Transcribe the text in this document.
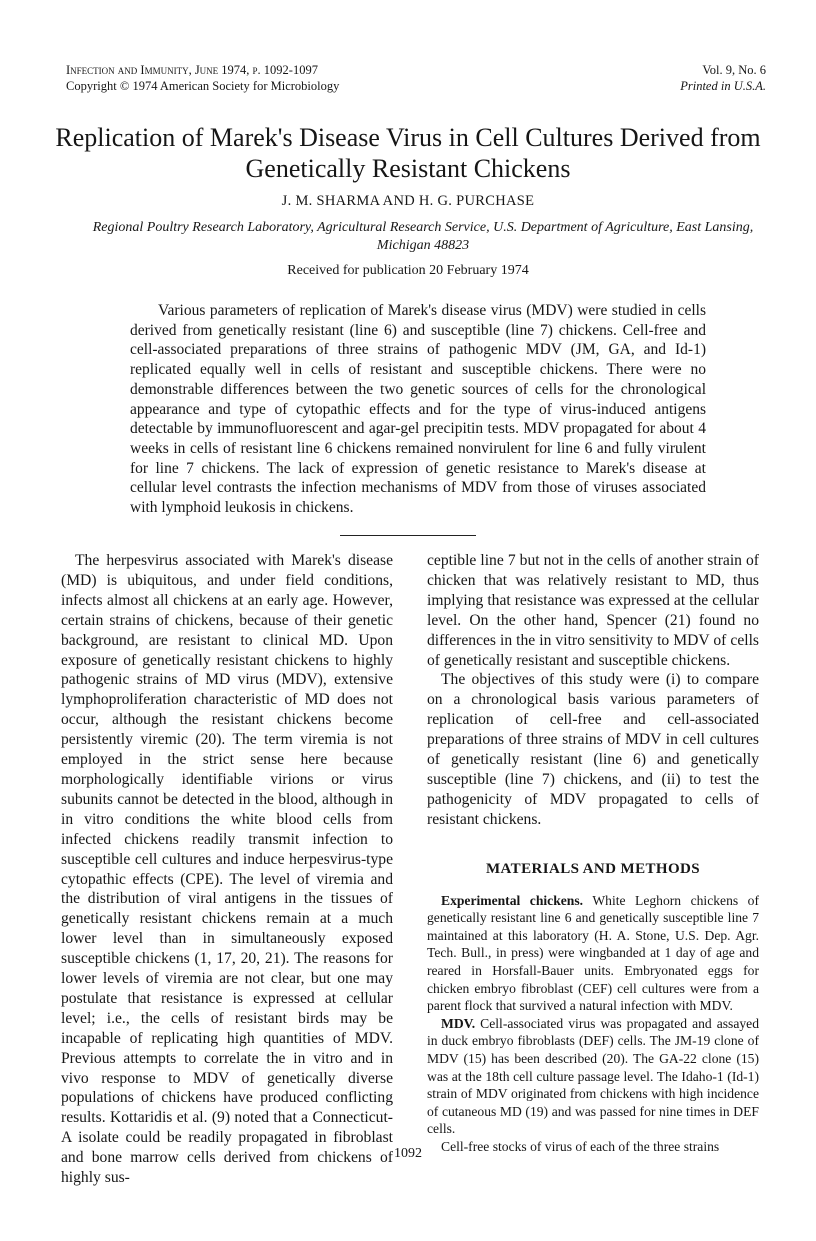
Infection and Immunity, June 1974, p. 1092-1097
Copyright © 1974 American Society for Microbiology
Vol. 9, No. 6
Printed in U.S.A.
Replication of Marek's Disease Virus in Cell Cultures Derived from Genetically Resistant Chickens
J. M. SHARMA AND H. G. PURCHASE
Regional Poultry Research Laboratory, Agricultural Research Service, U.S. Department of Agriculture, East Lansing, Michigan 48823
Received for publication 20 February 1974

Various parameters of replication of Marek's disease virus (MDV) were studied in cells derived from genetically resistant (line 6) and susceptible (line 7) chickens. Cell-free and cell-associated preparations of three strains of pathogenic MDV (JM, GA, and Id-1) replicated equally well in cells of resistant and susceptible chickens. There were no demonstrable differences between the two genetic sources of cells for the chronological appearance and type of cytopathic effects and for the type of virus-induced antigens detectable by immunofluorescent and agar-gel precipitin tests. MDV propagated for about 4 weeks in cells of resistant line 6 chickens remained nonvirulent for line 6 and fully virulent for line 7 chickens. The lack of expression of genetic resistance to Marek's disease at cellular level contrasts the infection mechanisms of MDV from those of viruses associated with lymphoid leukosis in chickens.

The herpesvirus associated with Marek's disease (MD) is ubiquitous, and under field conditions, infects almost all chickens at an early age. However, certain strains of chickens, because of their genetic background, are resistant to clinical MD. Upon exposure of genetically resistant chickens to highly pathogenic strains of MD virus (MDV), extensive lymphoproliferation characteristic of MD does not occur, although the resistant chickens become persistently viremic (20). The term viremia is not employed in the strict sense here because morphologically identifiable virions or virus subunits cannot be detected in the blood, although in in vitro conditions the white blood cells from infected chickens readily transmit infection to susceptible cell cultures and induce herpesvirus-type cytopathic effects (CPE). The level of viremia and the distribution of viral antigens in the tissues of genetically resistant chickens remain at a much lower level than in simultaneously exposed susceptible chickens (1, 17, 20, 21). The reasons for lower levels of viremia are not clear, but one may postulate that resistance is expressed at cellular level; i.e., the cells of resistant birds may be incapable of replicating high quantities of MDV. Previous attempts to correlate the in vitro and in vivo response to MDV of genetically diverse populations of chickens have produced conflicting results. Kottaridis et al. (9) noted that a Connecticut-A isolate could be readily propagated in fibroblast and bone marrow cells derived from chickens of highly sus-

ceptible line 7 but not in the cells of another strain of chicken that was relatively resistant to MD, thus implying that resistance was expressed at the cellular level. On the other hand, Spencer (21) found no differences in the in vitro sensitivity to MDV of cells of genetically resistant and susceptible chickens.

The objectives of this study were (i) to compare on a chronological basis various parameters of replication of cell-free and cell-associated preparations of three strains of MDV in cell cultures of genetically resistant (line 6) and genetically susceptible (line 7) chickens, and (ii) to test the pathogenicity of MDV propagated to cells of resistant chickens.

MATERIALS AND METHODS

Experimental chickens. White Leghorn chickens of genetically resistant line 6 and genetically susceptible line 7 maintained at this laboratory (H. A. Stone, U.S. Dep. Agr. Tech. Bull., in press) were wingbanded at 1 day of age and reared in Horsfall-Bauer units. Embryonated eggs for chicken embryo fibroblast (CEF) cell cultures were from a parent flock that survived a natural infection with MDV.

MDV. Cell-associated virus was propagated and assayed in duck embryo fibroblasts (DEF) cells. The JM-19 clone of MDV (15) has been described (20). The GA-22 clone (15) was at the 18th cell culture passage level. The Idaho-1 (Id-1) strain of MDV originated from chickens with high incidence of cutaneous MD (19) and was passed for nine times in DEF cells.

Cell-free stocks of virus of each of the three strains

1092
